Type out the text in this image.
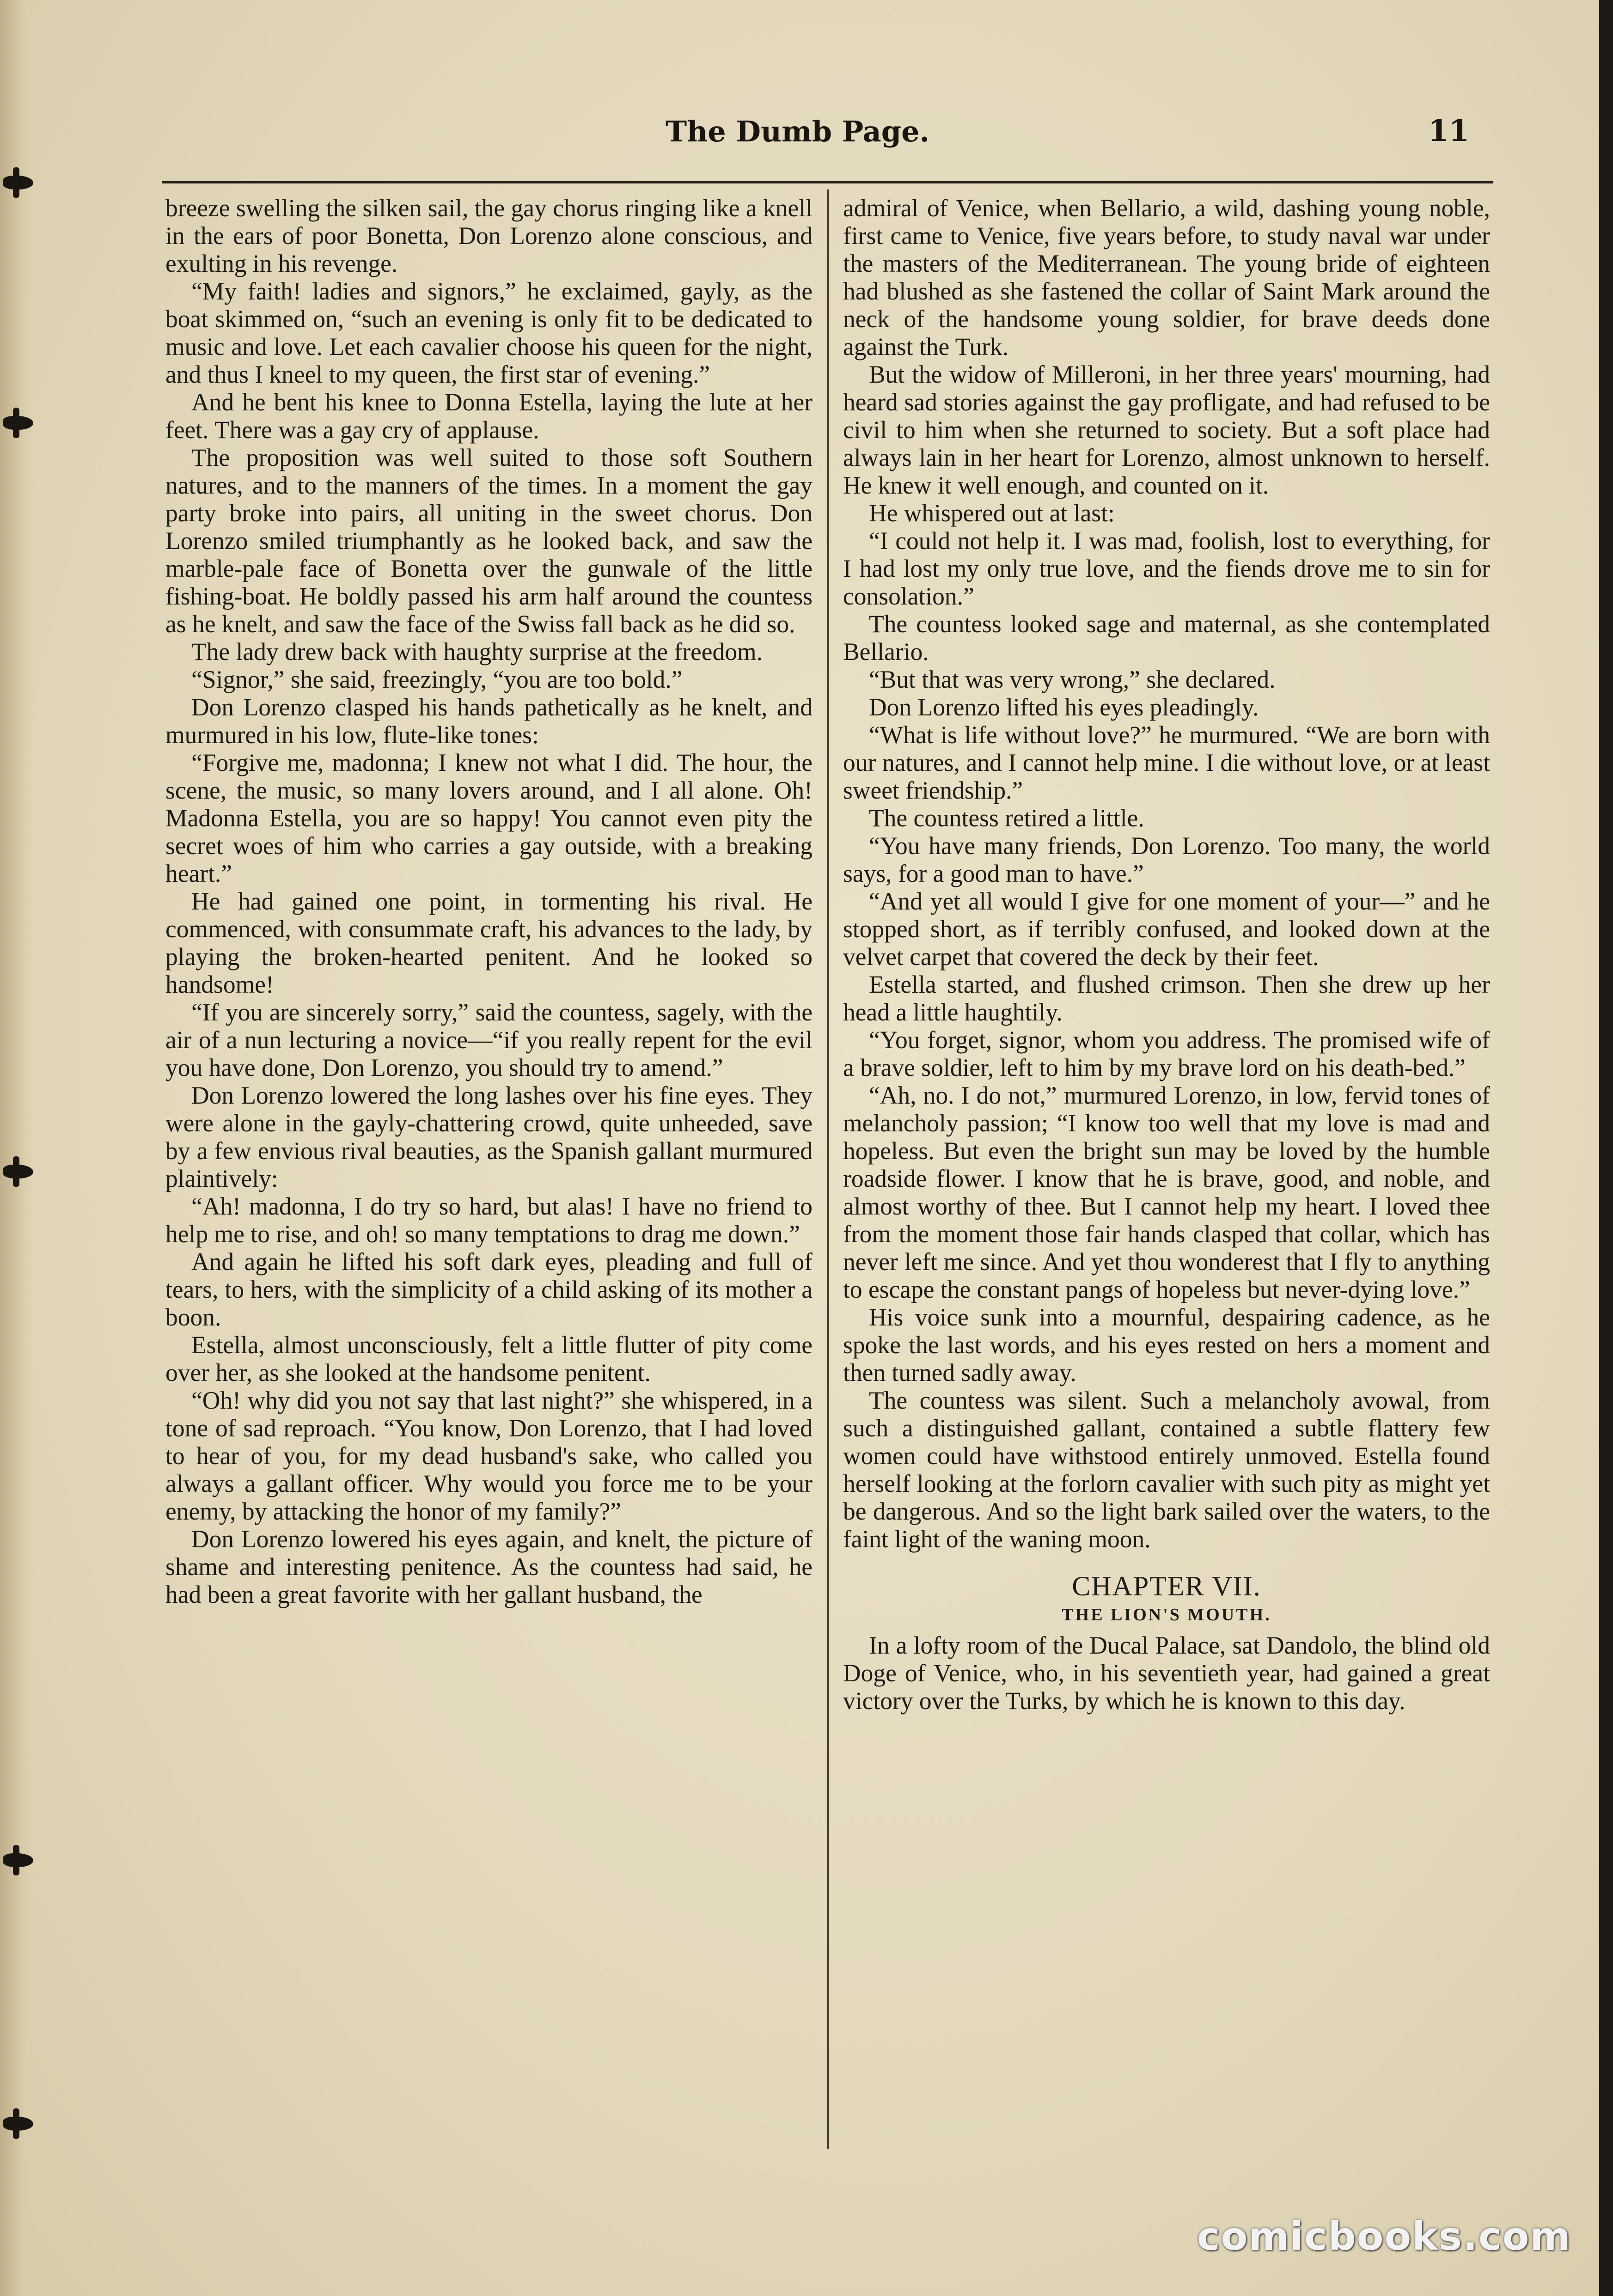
The Dumb Page.	11

breeze swelling the silken sail, the gay chorus ringing like a knell in the ears of poor Bonetta, Don Lorenzo alone conscious, and exulting in his revenge.

“My faith! ladies and signors,” he exclaimed, gayly, as the boat skimmed on, “such an evening is only fit to be dedicated to music and love. Let each cavalier choose his queen for the night, and thus I kneel to my queen, the first star of evening.”

And he bent his knee to Donna Estella, laying the lute at her feet. There was a gay cry of applause.

The proposition was well suited to those soft Southern natures, and to the manners of the times. In a moment the gay party broke into pairs, all uniting in the sweet chorus. Don Lorenzo smiled triumphantly as he looked back, and saw the marble-pale face of Bonetta over the gunwale of the little fishing-boat. He boldly passed his arm half around the countess as he knelt, and saw the face of the Swiss fall back as he did so.

The lady drew back with haughty surprise at the freedom.

“Signor,” she said, freezingly, “you are too bold.”

Don Lorenzo clasped his hands pathetically as he knelt, and murmured in his low, flute-like tones:

“Forgive me, madonna; I knew not what I did. The hour, the scene, the music, so many lovers around, and I all alone. Oh! Madonna Estella, you are so happy! You cannot even pity the secret woes of him who carries a gay outside, with a breaking heart.”

He had gained one point, in tormenting his rival. He commenced, with consummate craft, his advances to the lady, by playing the broken-hearted penitent. And he looked so handsome!

“If you are sincerely sorry,” said the countess, sagely, with the air of a nun lecturing a novice—“if you really repent for the evil you have done, Don Lorenzo, you should try to amend.”

Don Lorenzo lowered the long lashes over his fine eyes. They were alone in the gayly-chattering crowd, quite unheeded, save by a few envious rival beauties, as the Spanish gallant murmured plaintively:

“Ah! madonna, I do try so hard, but alas! I have no friend to help me to rise, and oh! so many temptations to drag me down.”

And again he lifted his soft dark eyes, pleading and full of tears, to hers, with the simplicity of a child asking of its mother a boon.

Estella, almost unconsciously, felt a little flutter of pity come over her, as she looked at the handsome penitent.

“Oh! why did you not say that last night?” she whispered, in a tone of sad reproach. “You know, Don Lorenzo, that I had loved to hear of you, for my dead husband's sake, who called you always a gallant officer. Why would you force me to be your enemy, by attacking the honor of my family?”

Don Lorenzo lowered his eyes again, and knelt, the picture of shame and interesting penitence. As the countess had said, he had been a great favorite with her gallant husband, the

admiral of Venice, when Bellario, a wild, dashing young noble, first came to Venice, five years before, to study naval war under the masters of the Mediterranean. The young bride of eighteen had blushed as she fastened the collar of Saint Mark around the neck of the handsome young soldier, for brave deeds done against the Turk.

But the widow of Milleroni, in her three years' mourning, had heard sad stories against the gay profligate, and had refused to be civil to him when she returned to society. But a soft place had always lain in her heart for Lorenzo, almost unknown to herself. He knew it well enough, and counted on it.

He whispered out at last:

“I could not help it. I was mad, foolish, lost to everything, for I had lost my only true love, and the fiends drove me to sin for consolation.”

The countess looked sage and maternal, as she contemplated Bellario.

“But that was very wrong,” she declared.

Don Lorenzo lifted his eyes pleadingly.

“What is life without love?” he murmured. “We are born with our natures, and I cannot help mine. I die without love, or at least sweet friendship.”

The countess retired a little.

“You have many friends, Don Lorenzo. Too many, the world says, for a good man to have.”

“And yet all would I give for one moment of your—” and he stopped short, as if terribly confused, and looked down at the velvet carpet that covered the deck by their feet.

Estella started, and flushed crimson. Then she drew up her head a little haughtily.

“You forget, signor, whom you address. The promised wife of a brave soldier, left to him by my brave lord on his death-bed.”

“Ah, no. I do not,” murmured Lorenzo, in low, fervid tones of melancholy passion; “I know too well that my love is mad and hopeless. But even the bright sun may be loved by the humble roadside flower. I know that he is brave, good, and noble, and almost worthy of thee. But I cannot help my heart. I loved thee from the moment those fair hands clasped that collar, which has never left me since. And yet thou wonderest that I fly to anything to escape the constant pangs of hopeless but never-dying love.”

His voice sunk into a mournful, despairing cadence, as he spoke the last words, and his eyes rested on hers a moment and then turned sadly away.

The countess was silent. Such a melancholy avowal, from such a distinguished gallant, contained a subtle flattery few women could have withstood entirely unmoved. Estella found herself looking at the forlorn cavalier with such pity as might yet be dangerous. And so the light bark sailed over the waters, to the faint light of the waning moon.

CHAPTER VII.
THE LION'S MOUTH.

In a lofty room of the Ducal Palace, sat Dandolo, the blind old Doge of Venice, who, in his seventieth year, had gained a great victory over the Turks, by which he is known to this day.

comicbooks.com
